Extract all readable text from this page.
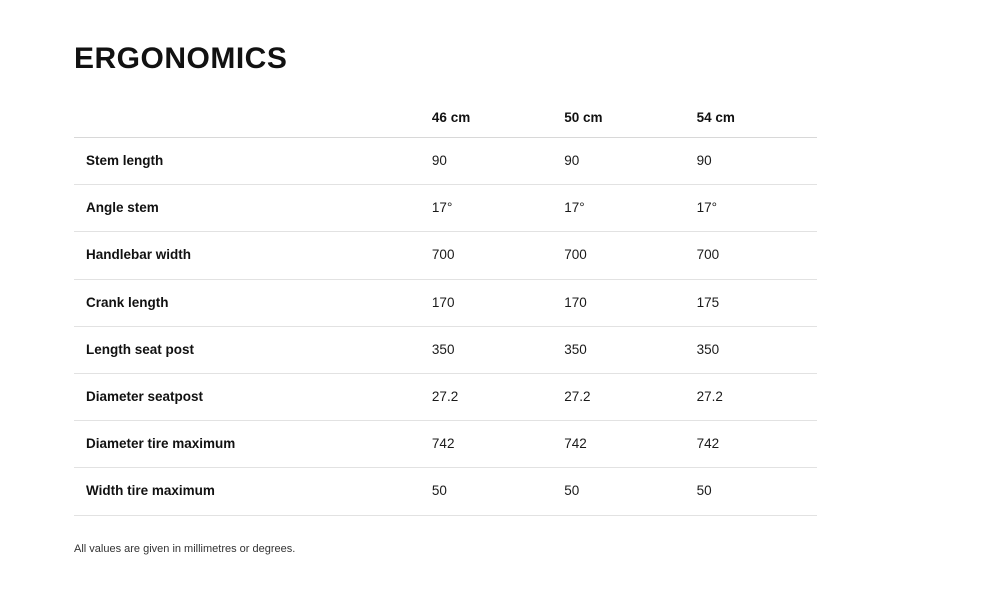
ERGONOMICS
	46 cm	50 cm	54 cm
Stem length	90	90	90
Angle stem	17°	17°	17°
Handlebar width	700	700	700
Crank length	170	170	175
Length seat post	350	350	350
Diameter seatpost	27.2	27.2	27.2
Diameter tire maximum	742	742	742
Width tire maximum	50	50	50
All values are given in millimetres or degrees.
